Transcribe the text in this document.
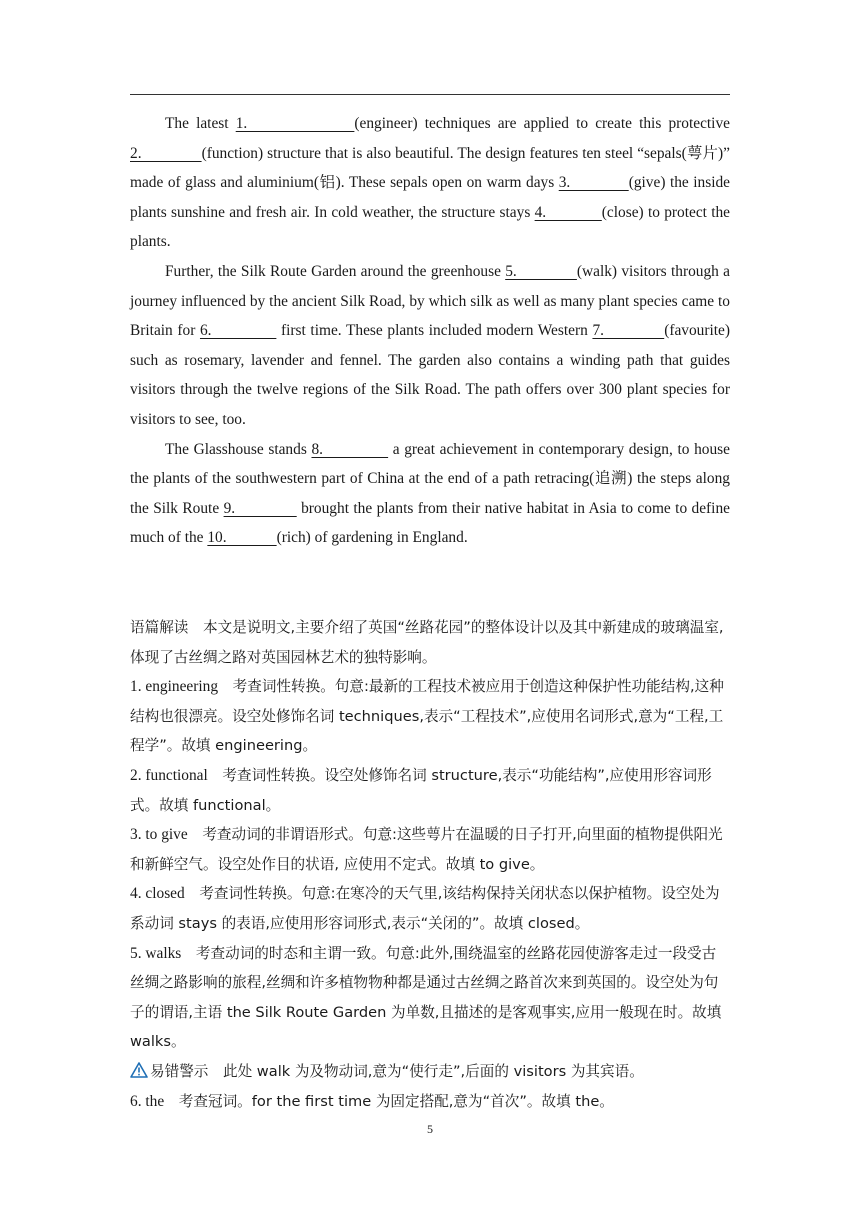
The latest 1.               (engineer) techniques are applied to create this protective 2.               (function) structure that is also beautiful. The design features ten steel “sepals(萼片)” made of glass and aluminium(铝). These sepals open on warm days 3.             (give) the inside plants sunshine and fresh air. In cold weather, the structure stays 4.             (close) to protect the plants.

Further, the Silk Route Garden around the greenhouse 5.              (walk) visitors through a journey influenced by the ancient Silk Road, by which silk as well as many plant species came to Britain for 6.               first time. These plants included modern Western 7.             (favourite) such as rosemary, lavender and fennel. The garden also contains a winding path that guides visitors through the twelve regions of the Silk Road. The path offers over 300 plant species for visitors to see, too.

The Glasshouse stands 8.               a great achievement in contemporary design, to house the plants of the southwestern part of China at the end of a path retracing(追溯) the steps along the Silk Route 9.               brought the plants from their native habitat in Asia to come to define much of the 10.             (rich) of gardening in England.

语篇解读　本文是说明文,主要介绍了英国“丝路花园”的整体设计以及其中新建成的玻璃温室,体现了古丝绸之路对英国园林艺术的独特影响。

1. engineering　考查词性转换。句意:最新的工程技术被应用于创造这种保护性功能结构,这种结构也很漂亮。设空处修饰名词 techniques,表示“工程技术”,应使用名词形式,意为“工程,工程学”。故填 engineering。

2. functional　考查词性转换。设空处修饰名词 structure,表示“功能结构”,应使用形容词形式。故填 functional。

3. to give　考查动词的非谓语形式。句意:这些萼片在温暖的日子打开,向里面的植物提供阳光和新鲜空气。设空处作目的状语, 应使用不定式。故填 to give。

4. closed　考查词性转换。句意:在寒冷的天气里,该结构保持关闭状态以保护植物。设空处为系动词 stays 的表语,应使用形容词形式,表示“关闭的”。故填 closed。

5. walks　考查动词的时态和主谓一致。句意:此外,围绕温室的丝路花园使游客走过一段受古丝绸之路影响的旅程,丝绸和许多植物物种都是通过古丝绸之路首次来到英国的。设空处为句子的谓语,主语 the Silk Route Garden 为单数,且描述的是客观事实,应用一般现在时。故填 walks。

易错警示　此处 walk 为及物动词,意为“使行走”,后面的 visitors 为其宾语。

6. the　考查冠词。for the first time 为固定搭配,意为“首次”。故填 the。

5
